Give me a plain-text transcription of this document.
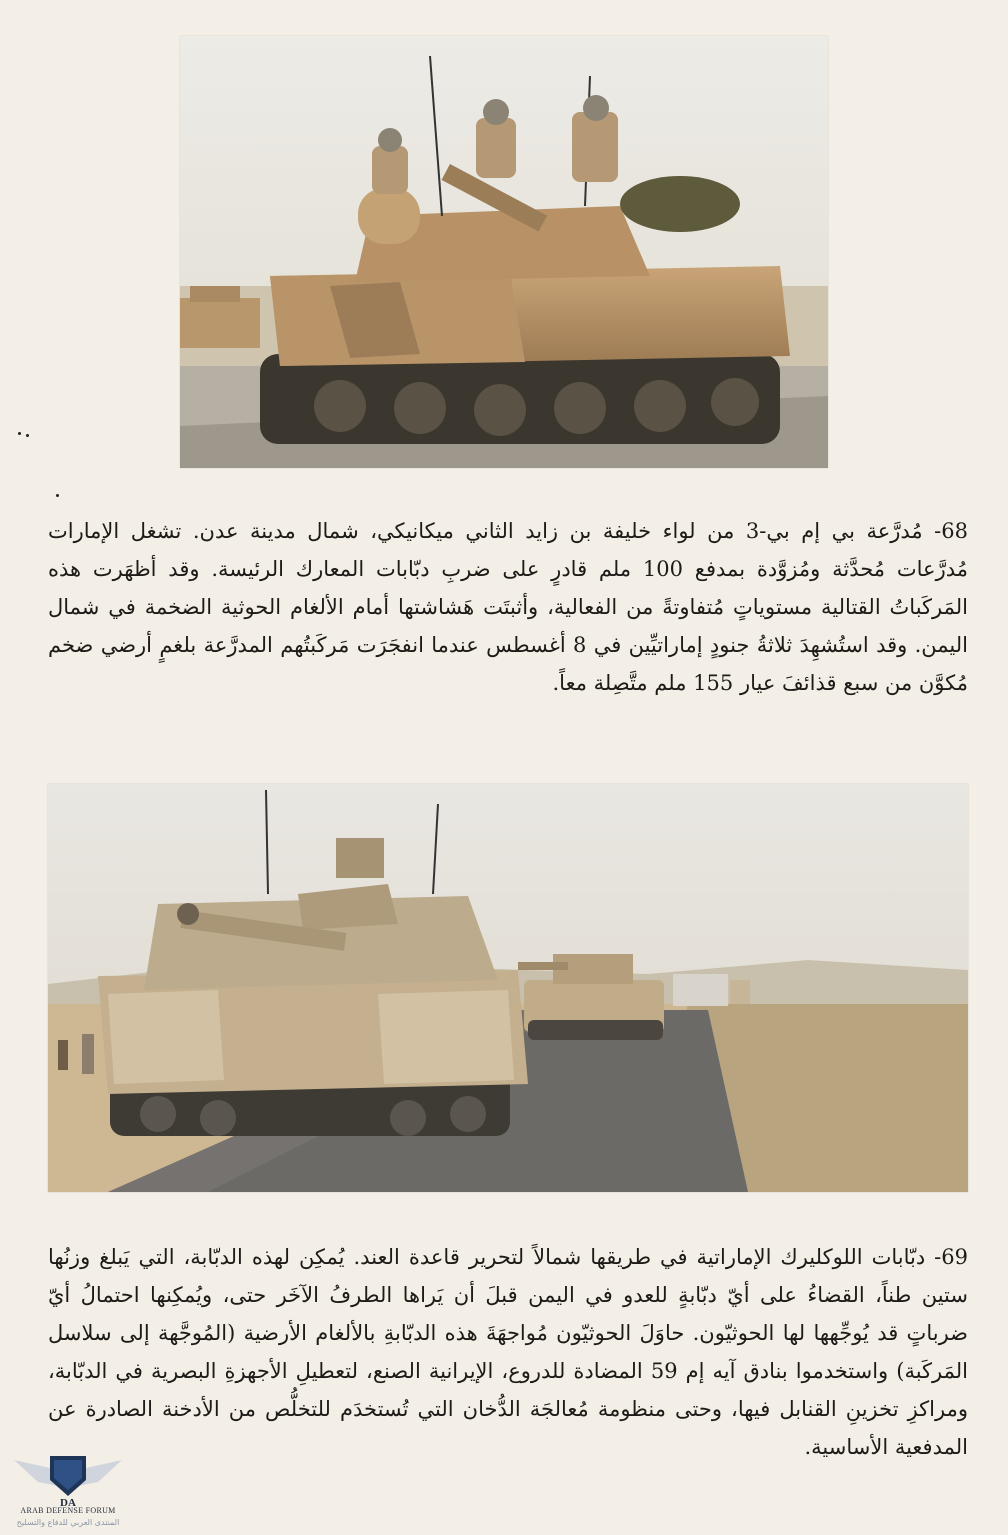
68- مُدرَّعة بي إم بي-3 من لواء خليفة بن زايد الثاني ميكانيكي، شمال مدينة عدن. تشغل الإمارات مُدرَّعات مُحدَّثة ومُزوَّدة بمدفع 100 ملم قادرٍ على ضربِ دبّابات المعارك الرئيسة. وقد أظهَرت هذه المَركَباتُ القتالية مستوياتٍ مُتفاوتةً من الفعالية، وأثبتَت هَشاشتها أمام الألغام الحوثية الضخمة في شمال اليمن. وقد استُشهِدَ ثلاثةُ جنودٍ إماراتيِّين في 8 أغسطس عندما انفجَرَت مَركَبتُهم المدرَّعة بلغمٍ أرضي ضخم مُكوَّن من سبع قذائفَ عيار 155 ملم متَّصِلة معاً.

69- دبّابات اللوكليرك الإماراتية في طريقها شمالاً لتحرير قاعدة العند. يُمكِن لهذه الدبّابة، التي يَبلغ وزنُها ستين طناً، القضاءُ على أيّ دبّابةٍ للعدو في اليمن قبلَ أن يَراها الطرفُ الآخَر حتى، ويُمكِنها احتمالُ أيّ ضرباتٍ قد يُوجِّهها لها الحوثيّون. حاوَلَ الحوثيّون مُواجهَةَ هذه الدبّابةِ بالألغام الأرضية (المُوجَّهة إلى سلاسل المَركَبة) واستخدموا بنادق آيه إم 59 المضادة للدروع، الإيرانية الصنع، لتعطيلِ الأجهزةِ البصرية في الدبّابة، ومراكزِ تخزينِ القنابل فيها، وحتى منظومة مُعالجَة الدُّخان التي تُستخدَم للتخلُّص من الأدخنة الصادرة عن المدفعية الأساسية.

DA
ARAB DEFENSE FORUM
المنتدى العربي للدفاع والتسليح
